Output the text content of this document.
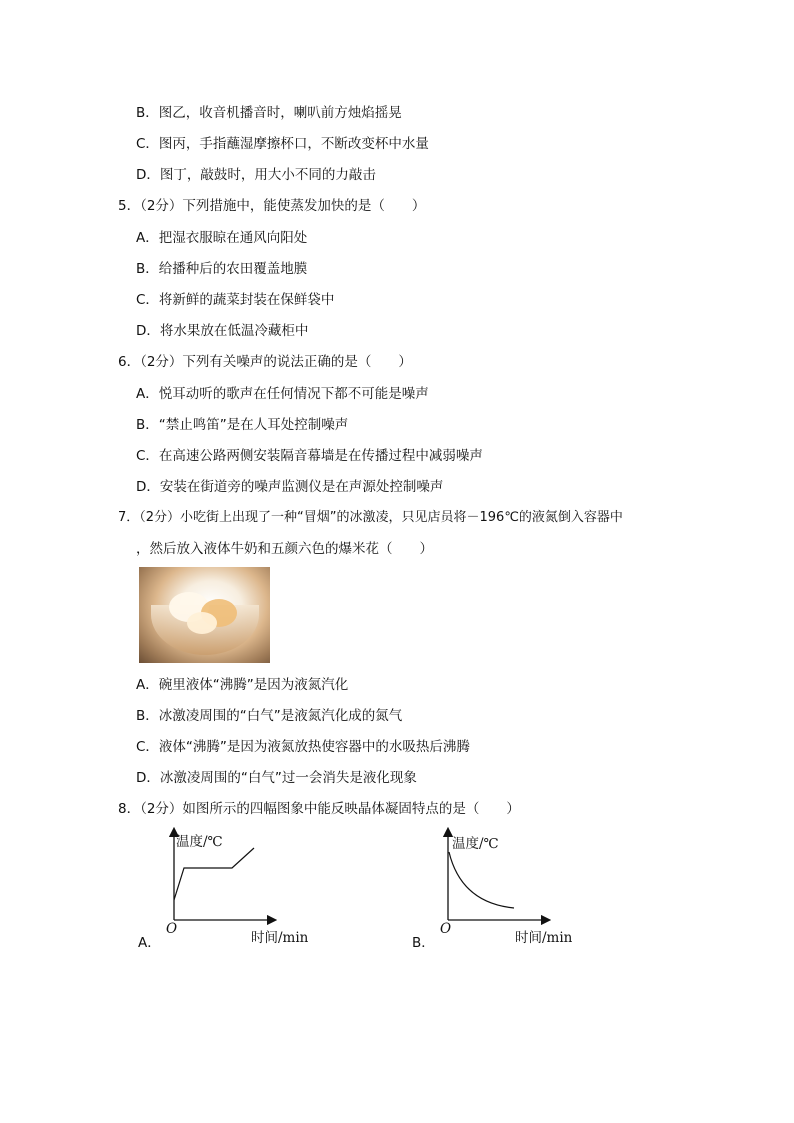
B．图乙，收音机播音时，喇叭前方烛焰摇晃
C．图丙，手指蘸湿摩擦杯口，不断改变杯中水量
D．图丁，敲鼓时，用大小不同的力敲击
5．（2分）下列措施中，能使蒸发加快的是（　　）
A．把湿衣服晾在通风向阳处
B．给播种后的农田覆盖地膜
C．将新鲜的蔬菜封装在保鲜袋中
D．将水果放在低温冷藏柜中
6．（2分）下列有关噪声的说法正确的是（　　）
A．悦耳动听的歌声在任何情况下都不可能是噪声
B．“禁止鸣笛”是在人耳处控制噪声
C．在高速公路两侧安装隔音幕墙是在传播过程中减弱噪声
D．安装在街道旁的噪声监测仪是在声源处控制噪声
7．（2分）小吃街上出现了一种“冒烟”的冰激凌，只见店员将－196℃的液氮倒入容器中
，然后放入液体牛奶和五颜六色的爆米花（　　）
A．碗里液体“沸腾”是因为液氮汽化
B．冰激凌周围的“白气”是液氮汽化成的氮气
C．液体“沸腾”是因为液氮放热使容器中的水吸热后沸腾
D．冰激凌周围的“白气”过一会消失是液化现象
8．（2分）如图所示的四幅图象中能反映晶体凝固特点的是（　　）
温度/℃
时间/min
O
A．
温度/℃
时间/min
O
B．
